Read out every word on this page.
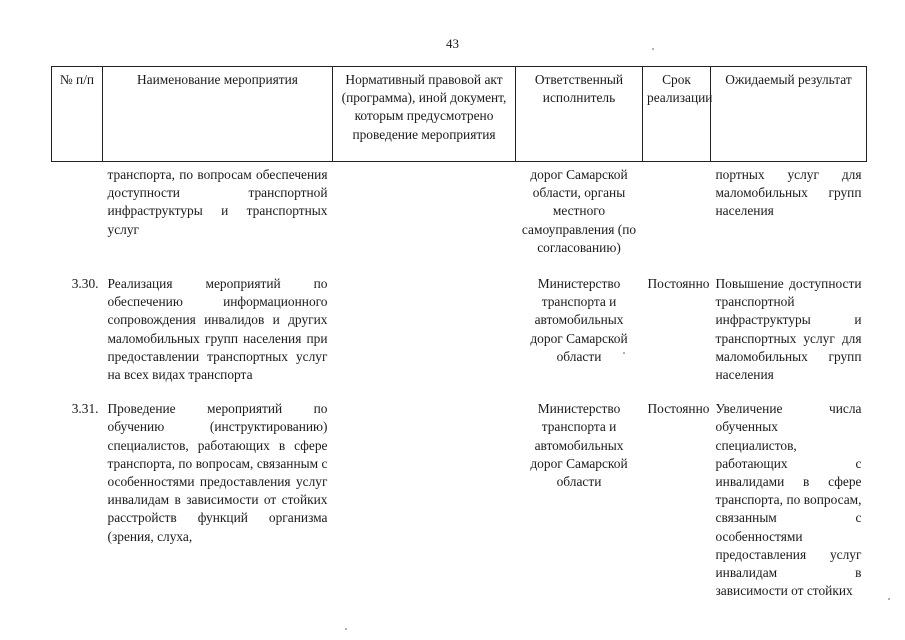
43
№ п/п	Наименование мероприятия	Нормативный правовой акт (программа), иной документ, которым предусмотрено проведение мероприятия	Ответственный исполнитель	Срок реализации	Ожидаемый результат
	транспорта, по вопросам обеспечения доступности транспортной инфраструктуры и транспортных услуг		дорог Самарской области, органы местного самоуправления (по согласованию)		портных услуг для маломобильных групп населения
3.30.	Реализация мероприятий по обеспечению информационного сопровождения инвалидов и других маломобильных групп населения при предоставлении транспортных услуг на всех видах транспорта		Министерство транспорта и автомобильных дорог Самарской области	Постоянно	Повышение доступности транспортной инфраструктуры и транспортных услуг для маломобильных групп населения
3.31.	Проведение мероприятий по обучению (инструктированию) специалистов, работающих в сфере транспорта, по вопросам, связанным с особенностями предоставления услуг инвалидам в зависимости от стойких расстройств функций организма (зрения, слуха,		Министерство транспорта и автомобильных дорог Самарской области	Постоянно	Увеличение числа обученных специалистов, работающих с инвалидами в сфере транспорта, по вопросам, связанным с особенностями предоставления услуг инвалидам в зависимости от стойких
